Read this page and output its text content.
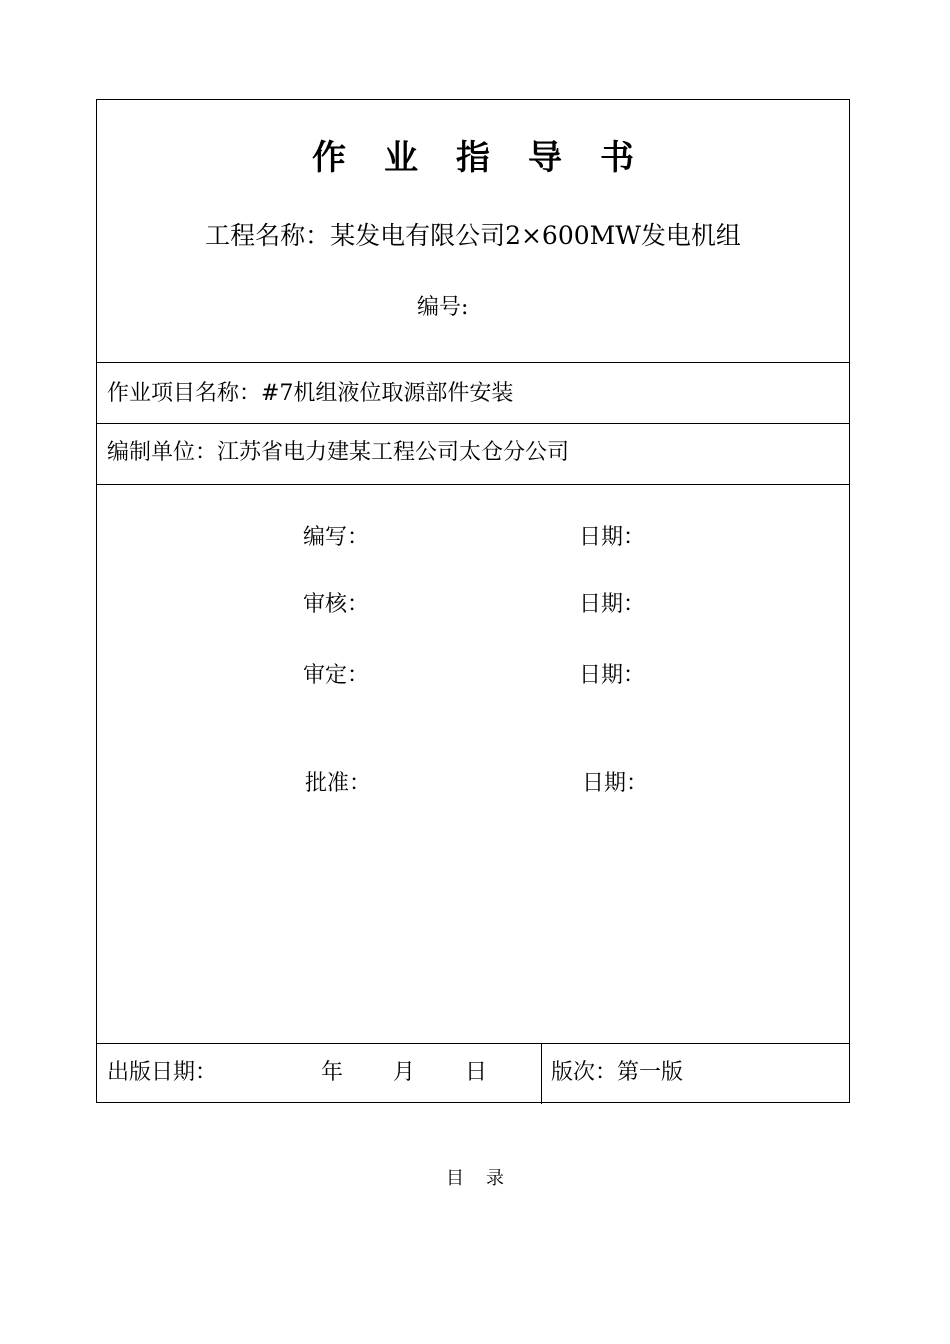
作 业 指 导 书
工程名称：某发电有限公司2×600MW发电机组
编号:
作业项目名称：#7机组液位取源部件安装
编制单位：江苏省电力建某工程公司太仓分公司
编写：	日期：
审核：	日期：
审定：	日期：
批准：	日期：
出版日期：	年 月 日	版次：第一版
目 录
